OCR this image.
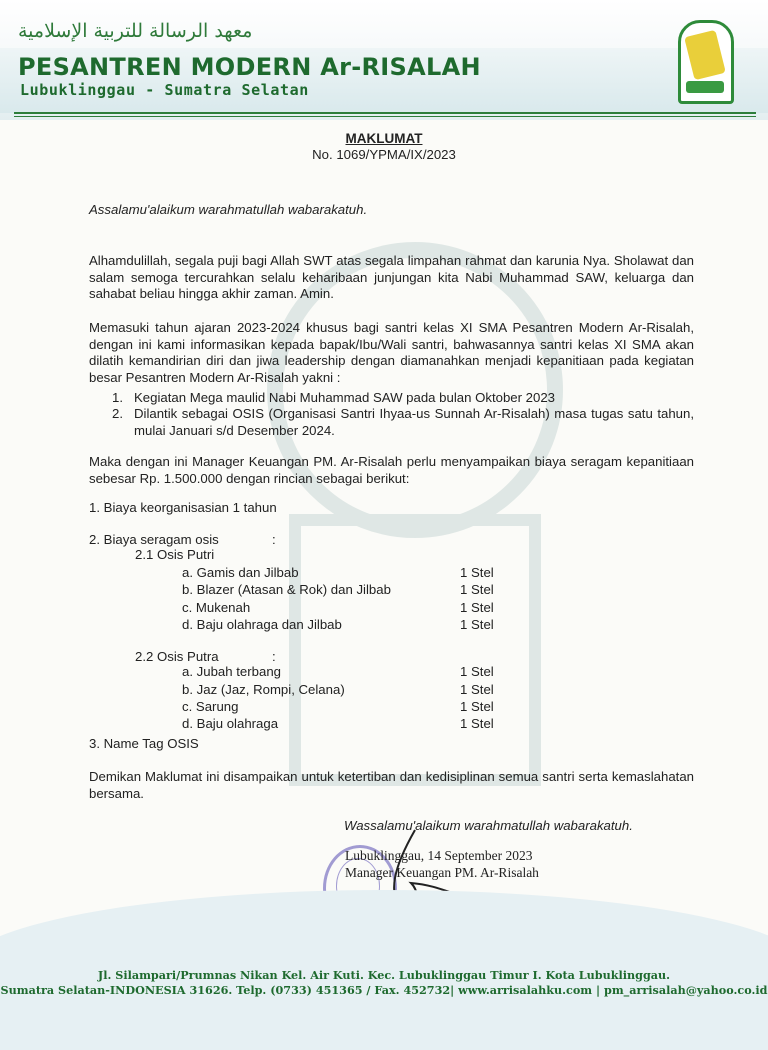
معهد الرسالة للتربية الإسلامية
PESANTREN MODERN Ar-RISALAH
Lubuklinggau - Sumatra Selatan
MAKLUMAT
No. 1069/YPMA/IX/2023
Assalamu'alaikum warahmatullah wabarakatuh.
Alhamdulillah, segala puji bagi Allah SWT atas segala limpahan rahmat dan karunia Nya. Sholawat dan salam semoga tercurahkan selalu keharibaan junjungan kita Nabi Muhammad SAW, keluarga dan sahabat beliau hingga akhir zaman. Amin.
Memasuki tahun ajaran 2023-2024 khusus bagi santri kelas XI SMA Pesantren Modern Ar-Risalah, dengan ini kami informasikan kepada bapak/Ibu/Wali santri, bahwasannya santri kelas XI SMA akan dilatih kemandirian diri dan jiwa leadership dengan diamanahkan menjadi kepanitiaan pada kegiatan besar Pesantren Modern Ar-Risalah yakni :
1. Kegiatan Mega maulid Nabi Muhammad SAW pada bulan Oktober 2023
2. Dilantik sebagai OSIS (Organisasi Santri Ihyaa-us Sunnah Ar-Risalah) masa tugas satu tahun, mulai Januari s/d Desember 2024.
Maka dengan ini Manager Keuangan PM. Ar-Risalah perlu menyampaikan biaya seragam kepanitiaan sebesar Rp. 1.500.000 dengan rincian sebagai berikut:
1. Biaya keorganisasian 1 tahun
2. Biaya seragam osis	:
2.1 Osis Putri
a. Gamis dan Jilbab	1 Stel
b. Blazer (Atasan & Rok) dan Jilbab	1 Stel
c. Mukenah	1 Stel
d. Baju olahraga dan Jilbab	1 Stel
2.2 Osis Putra	:
a. Jubah terbang	1 Stel
b. Jaz (Jaz, Rompi, Celana)	1 Stel
c. Sarung	1 Stel
d. Baju olahraga	1 Stel
3. Name Tag OSIS
Demikan Maklumat ini disampaikan untuk ketertiban dan kedisiplinan semua santri serta kemaslahatan bersama.
Wassalamu'alaikum warahmatullah wabarakatuh.
Lubuklinggau, 14 September 2023
Manager Keuangan PM. Ar-Risalah
Jl. Silampari/Prumnas Nikan Kel. Air Kuti. Kec. Lubuklinggau Timur I. Kota Lubuklinggau.
Sumatra Selatan-INDONESIA 31626. Telp. (0733) 451365 / Fax. 452732| www.arrisalahku.com | pm_arrisalah@yahoo.co.id
